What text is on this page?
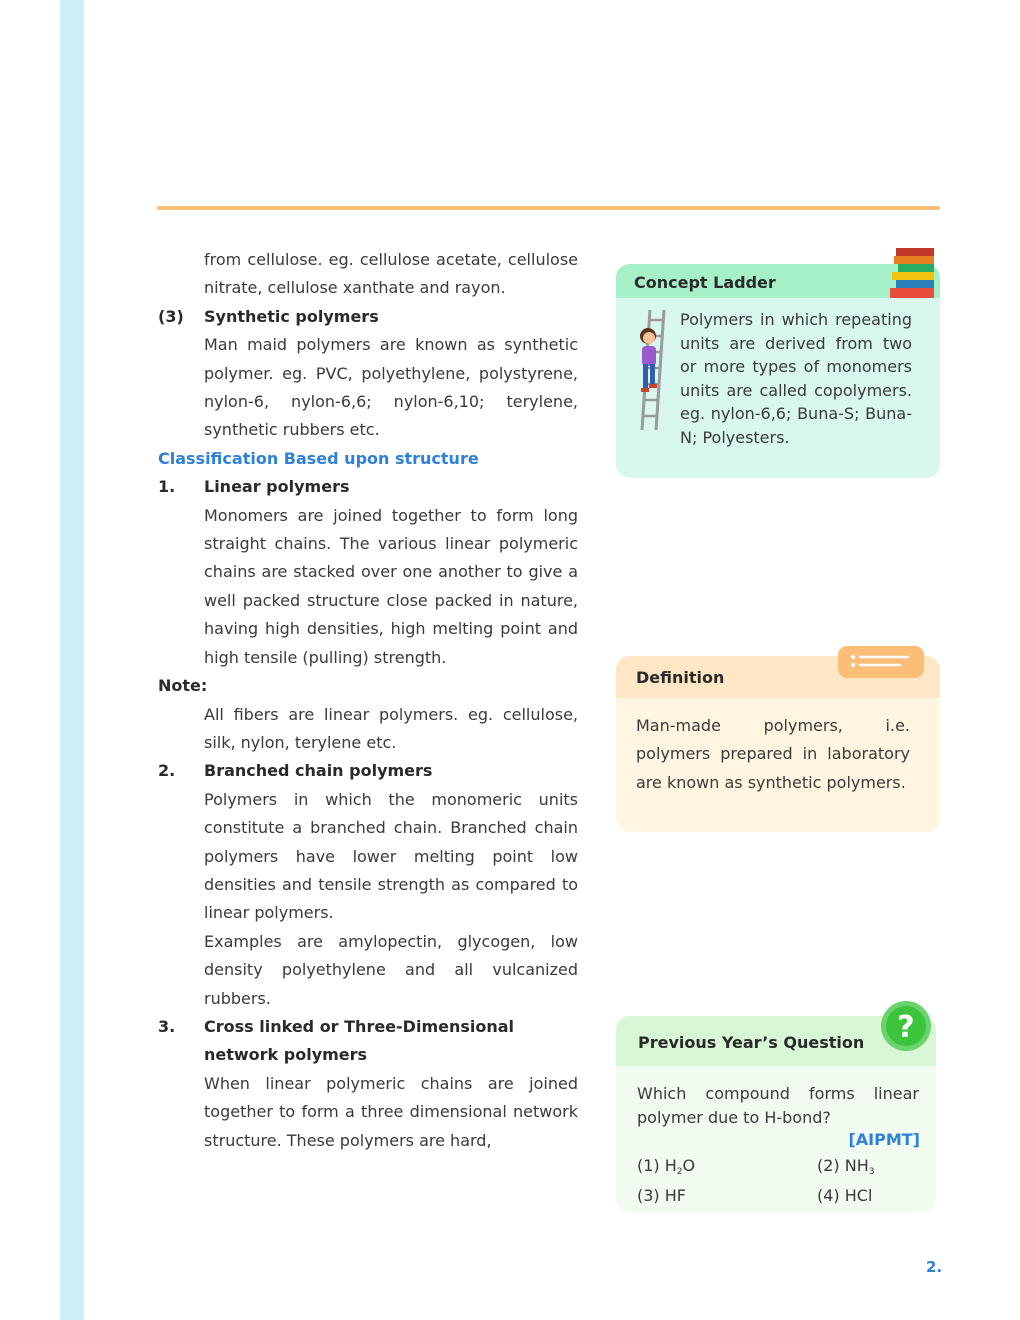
from cellulose. eg. cellulose acetate, cellulose nitrate, cellulose xanthate and rayon.

(3)	Synthetic polymers

Man maid polymers are known as synthetic polymer. eg. PVC, polyethylene, polystyrene, nylon-6, nylon-6,6; nylon-6,10; terylene, synthetic rubbers etc.

Classification Based upon structure

1.	Linear polymers

Monomers are joined together to form long straight chains. The various linear polymeric chains are stacked over one another to give a well packed structure close packed in nature, having high densities, high melting point and high tensile (pulling) strength.

Note:

All fibers are linear polymers. eg. cellulose, silk, nylon, terylene etc.

2.	Branched chain polymers

Polymers in which the monomeric units constitute a branched chain. Branched chain polymers have lower melting point low densities and tensile strength as compared to linear polymers.

Examples are amylopectin, glycogen, low density polyethylene and all vulcanized rubbers.

3.	Cross linked or Three-Dimensional network polymers

When linear polymeric chains are joined together to form a three dimensional network structure. These polymers are hard,

Concept Ladder
Polymers in which repeating units are derived from two or more types of monomers units are called copolymers. eg. nylon-6,6; Buna-S; Buna-N; Polyesters.
Definition
Man-made polymers, i.e. polymers prepared in laboratory are known as synthetic polymers.
Previous Year’s Question
Which compound forms linear polymer due to H-bond?
[AIPMT]
(1) $H_2O$	(2) $NH_3$
(3) HF	(4) HCl
?
2.
